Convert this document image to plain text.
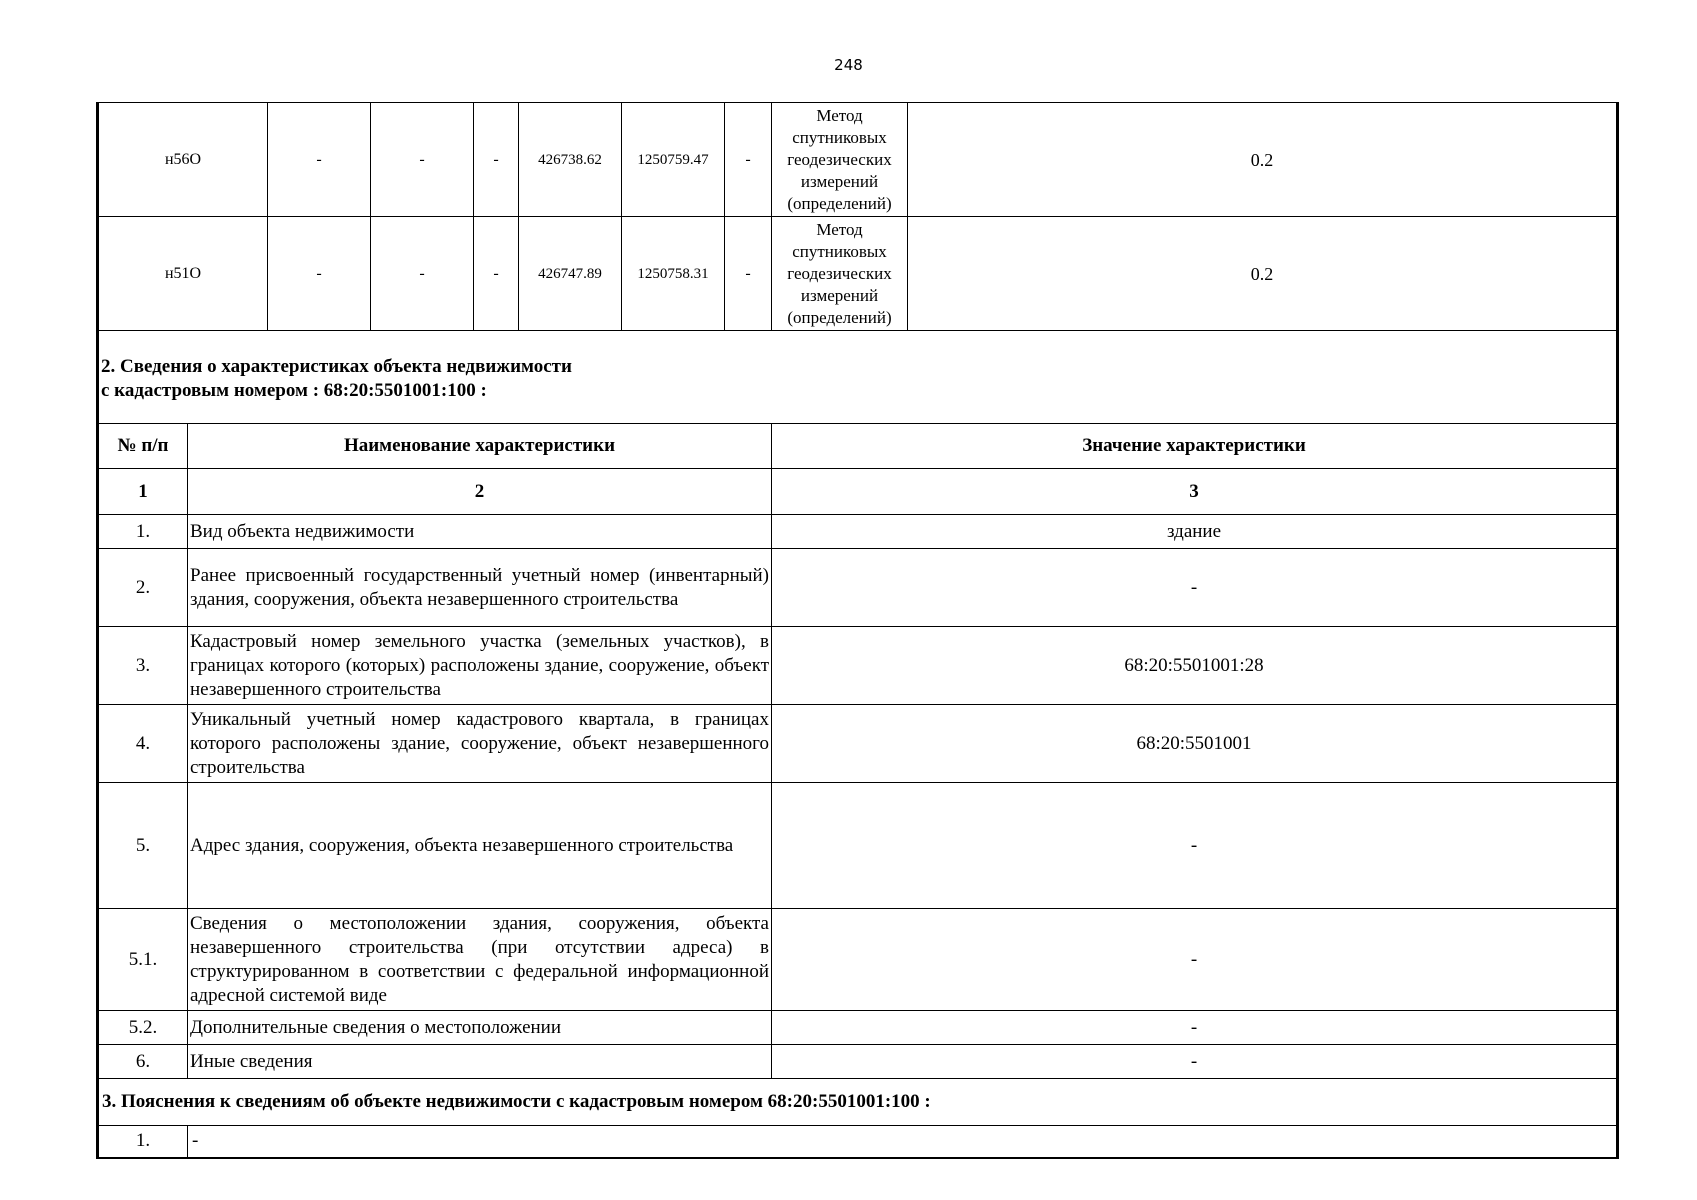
248
н56О	-	-	-	426738.62	1250759.47	-	Метод
спутниковых
геодезических
измерений
(определений)	0.2
н51О	-	-	-	426747.89	1250758.31	-	Метод
спутниковых
геодезических
измерений
(определений)	0.2
2. Сведения о характеристиках объекта недвижимости
с кадастровым номером : 68:20:5501001:100 :		

№ п/п	Наименование характеристики	Значение характеристики
1	2	3
1.	Вид объекта недвижимости	здание
2.	Ранее присвоенный государственный учетный номер (инвентарный) здания, сооружения, объекта незавершенного строительства	-
3.	Кадастровый номер земельного участка (земельных участков), в границах которого (которых) расположены здание, сооружение, объект незавершенного строительства	68:20:5501001:28
4.	Уникальный учетный номер кадастрового квартала, в границах которого расположены здание, сооружение, объект незавершенного строительства	68:20:5501001
5.	Адрес здания, сооружения, объекта незавершенного строительства	-
5.1.	Сведения о местоположении здания, сооружения, объекта незавершенного строительства (при отсутствии адреса) в структурированном в соответствии с федеральной информационной адресной системой виде	-
5.2.	Дополнительные сведения о местоположении	-
6.	Иные сведения	-
3. Пояснения к сведениям об объекте недвижимости с кадастровым номером 68:20:5501001:100 :		
1.	-	
